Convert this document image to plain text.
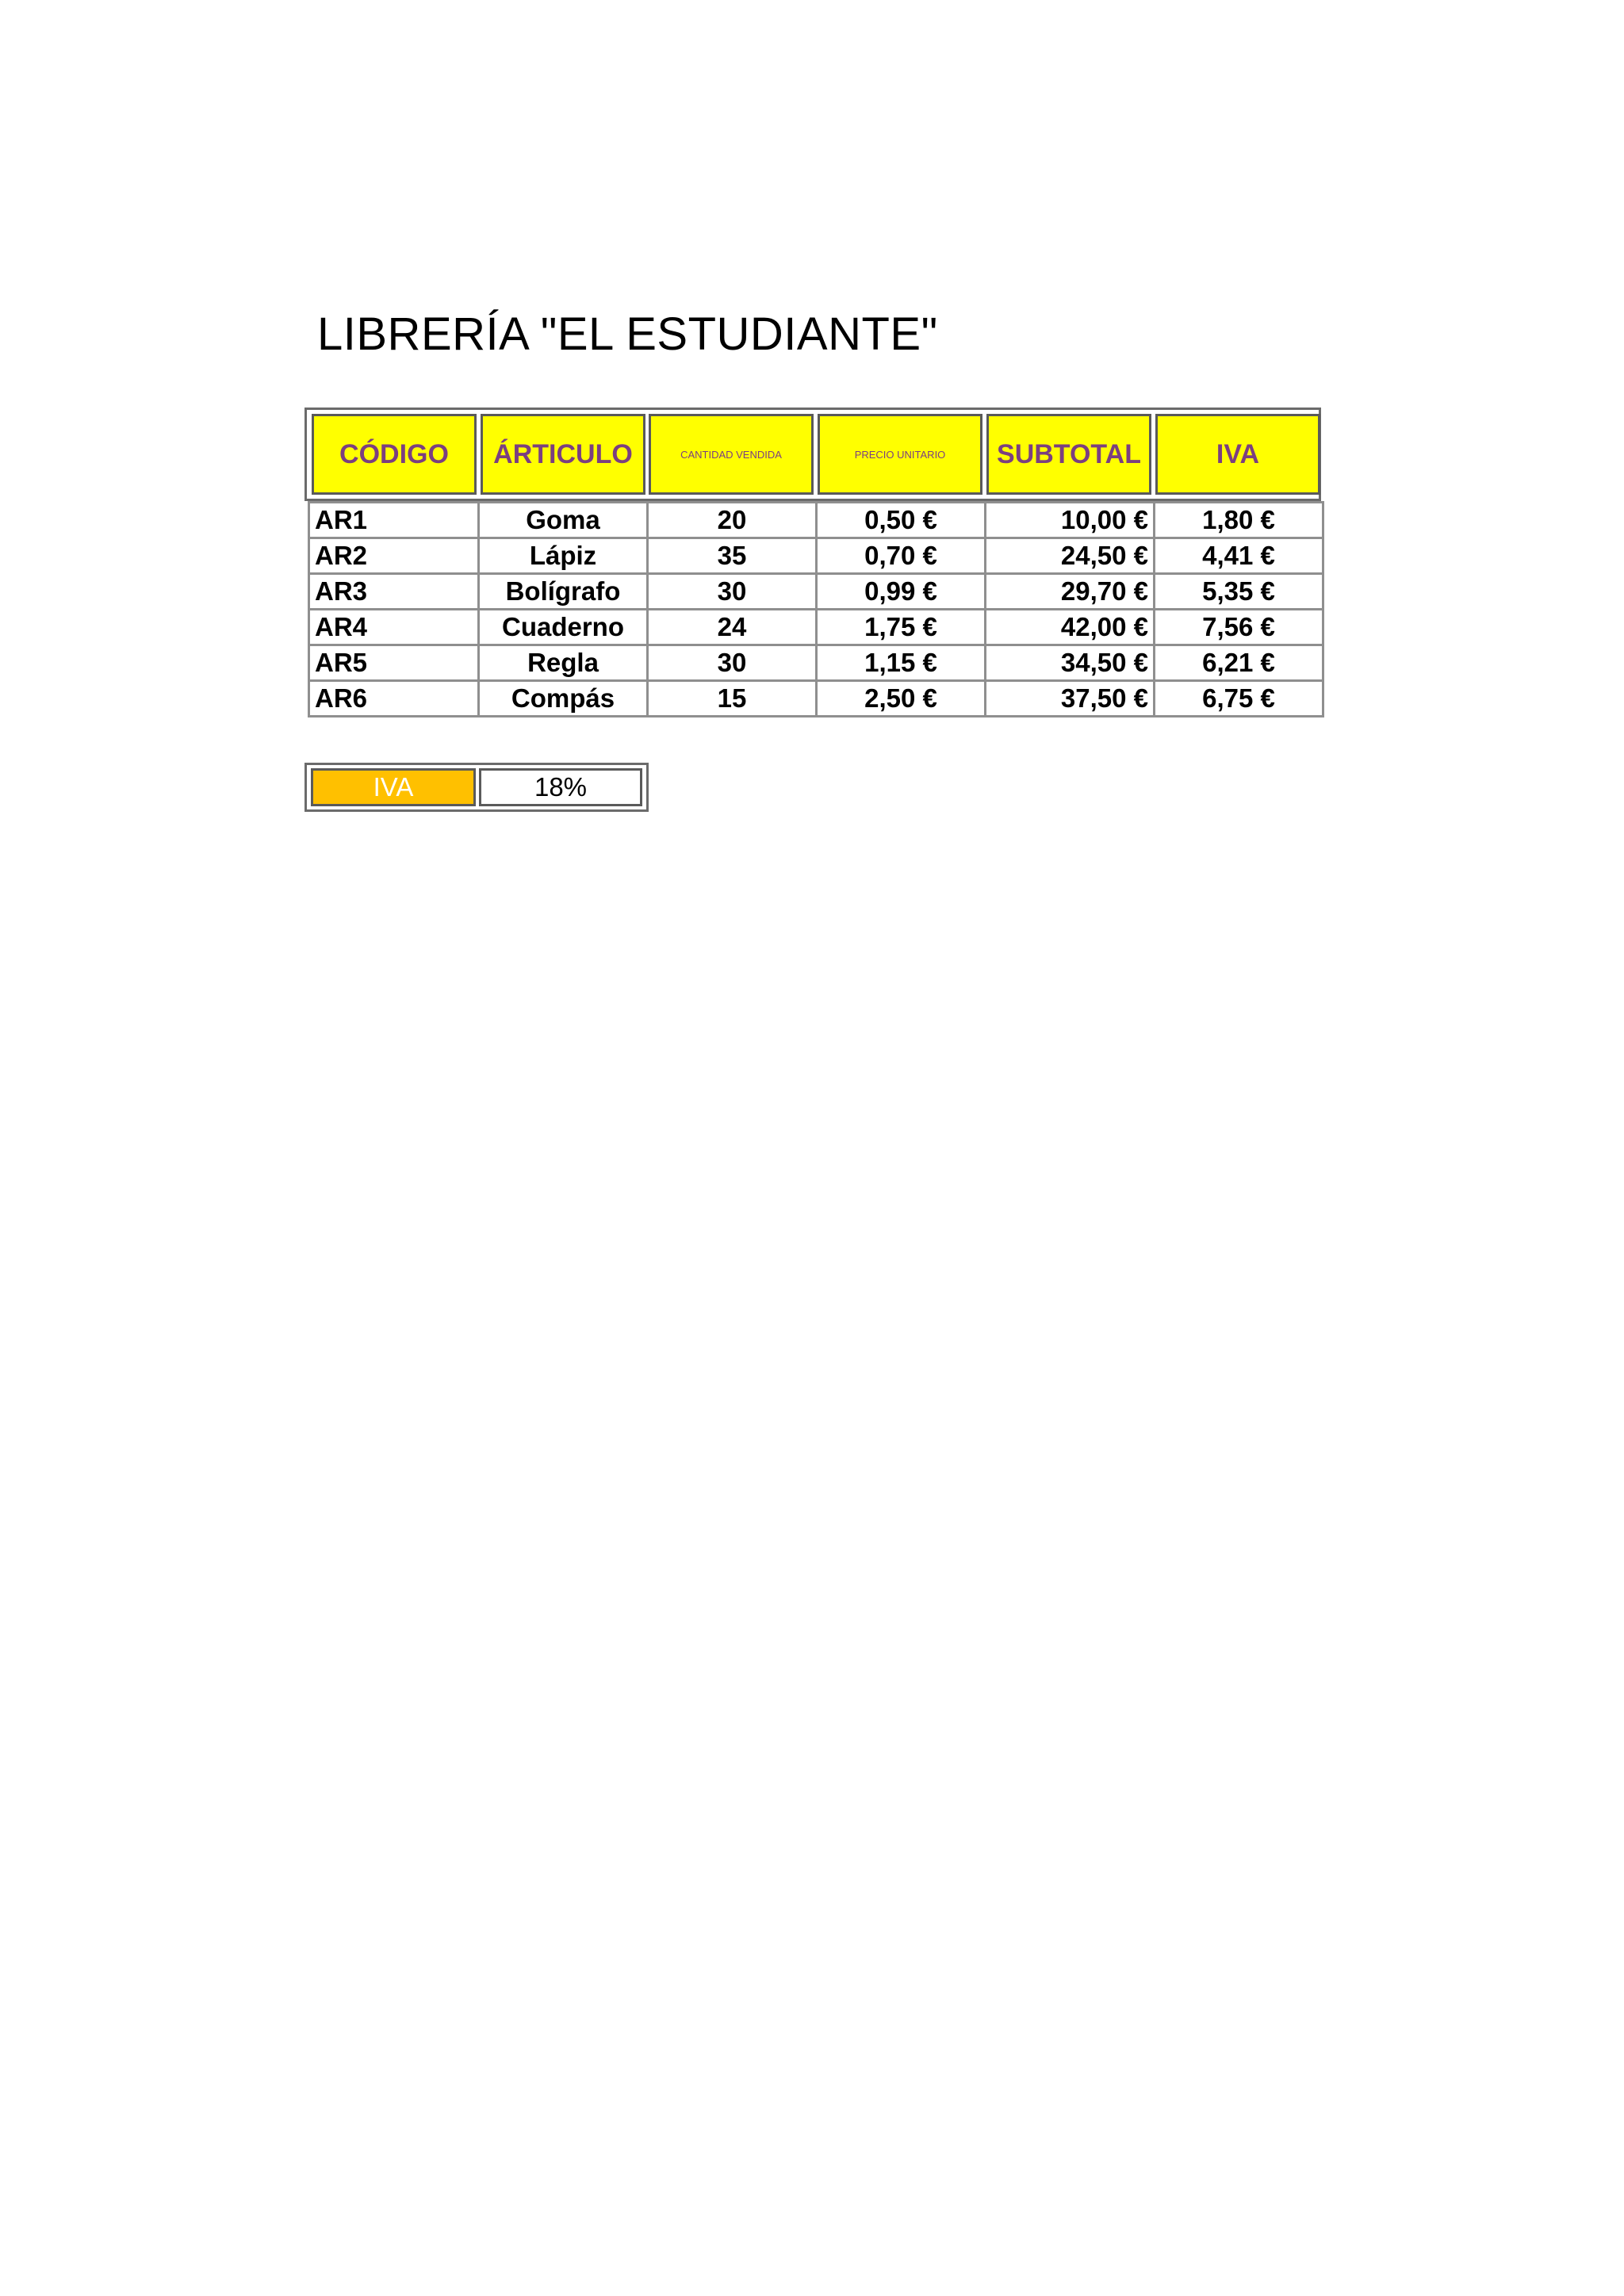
LIBRERÍA "EL ESTUDIANTE"
CÓDIGO	ÁRTICULO	CANTIDAD VENDIDA	PRECIO UNITARIO	SUBTOTAL	IVA
AR1	Goma	20	0,50 €	10,00 €	1,80 €
AR2	Lápiz	35	0,70 €	24,50 €	4,41 €
AR3	Bolígrafo	30	0,99 €	29,70 €	5,35 €
AR4	Cuaderno	24	1,75 €	42,00 €	7,56 €
AR5	Regla	30	1,15 €	34,50 €	6,21 €
AR6	Compás	15	2,50 €	37,50 €	6,75 €
IVA	18%
